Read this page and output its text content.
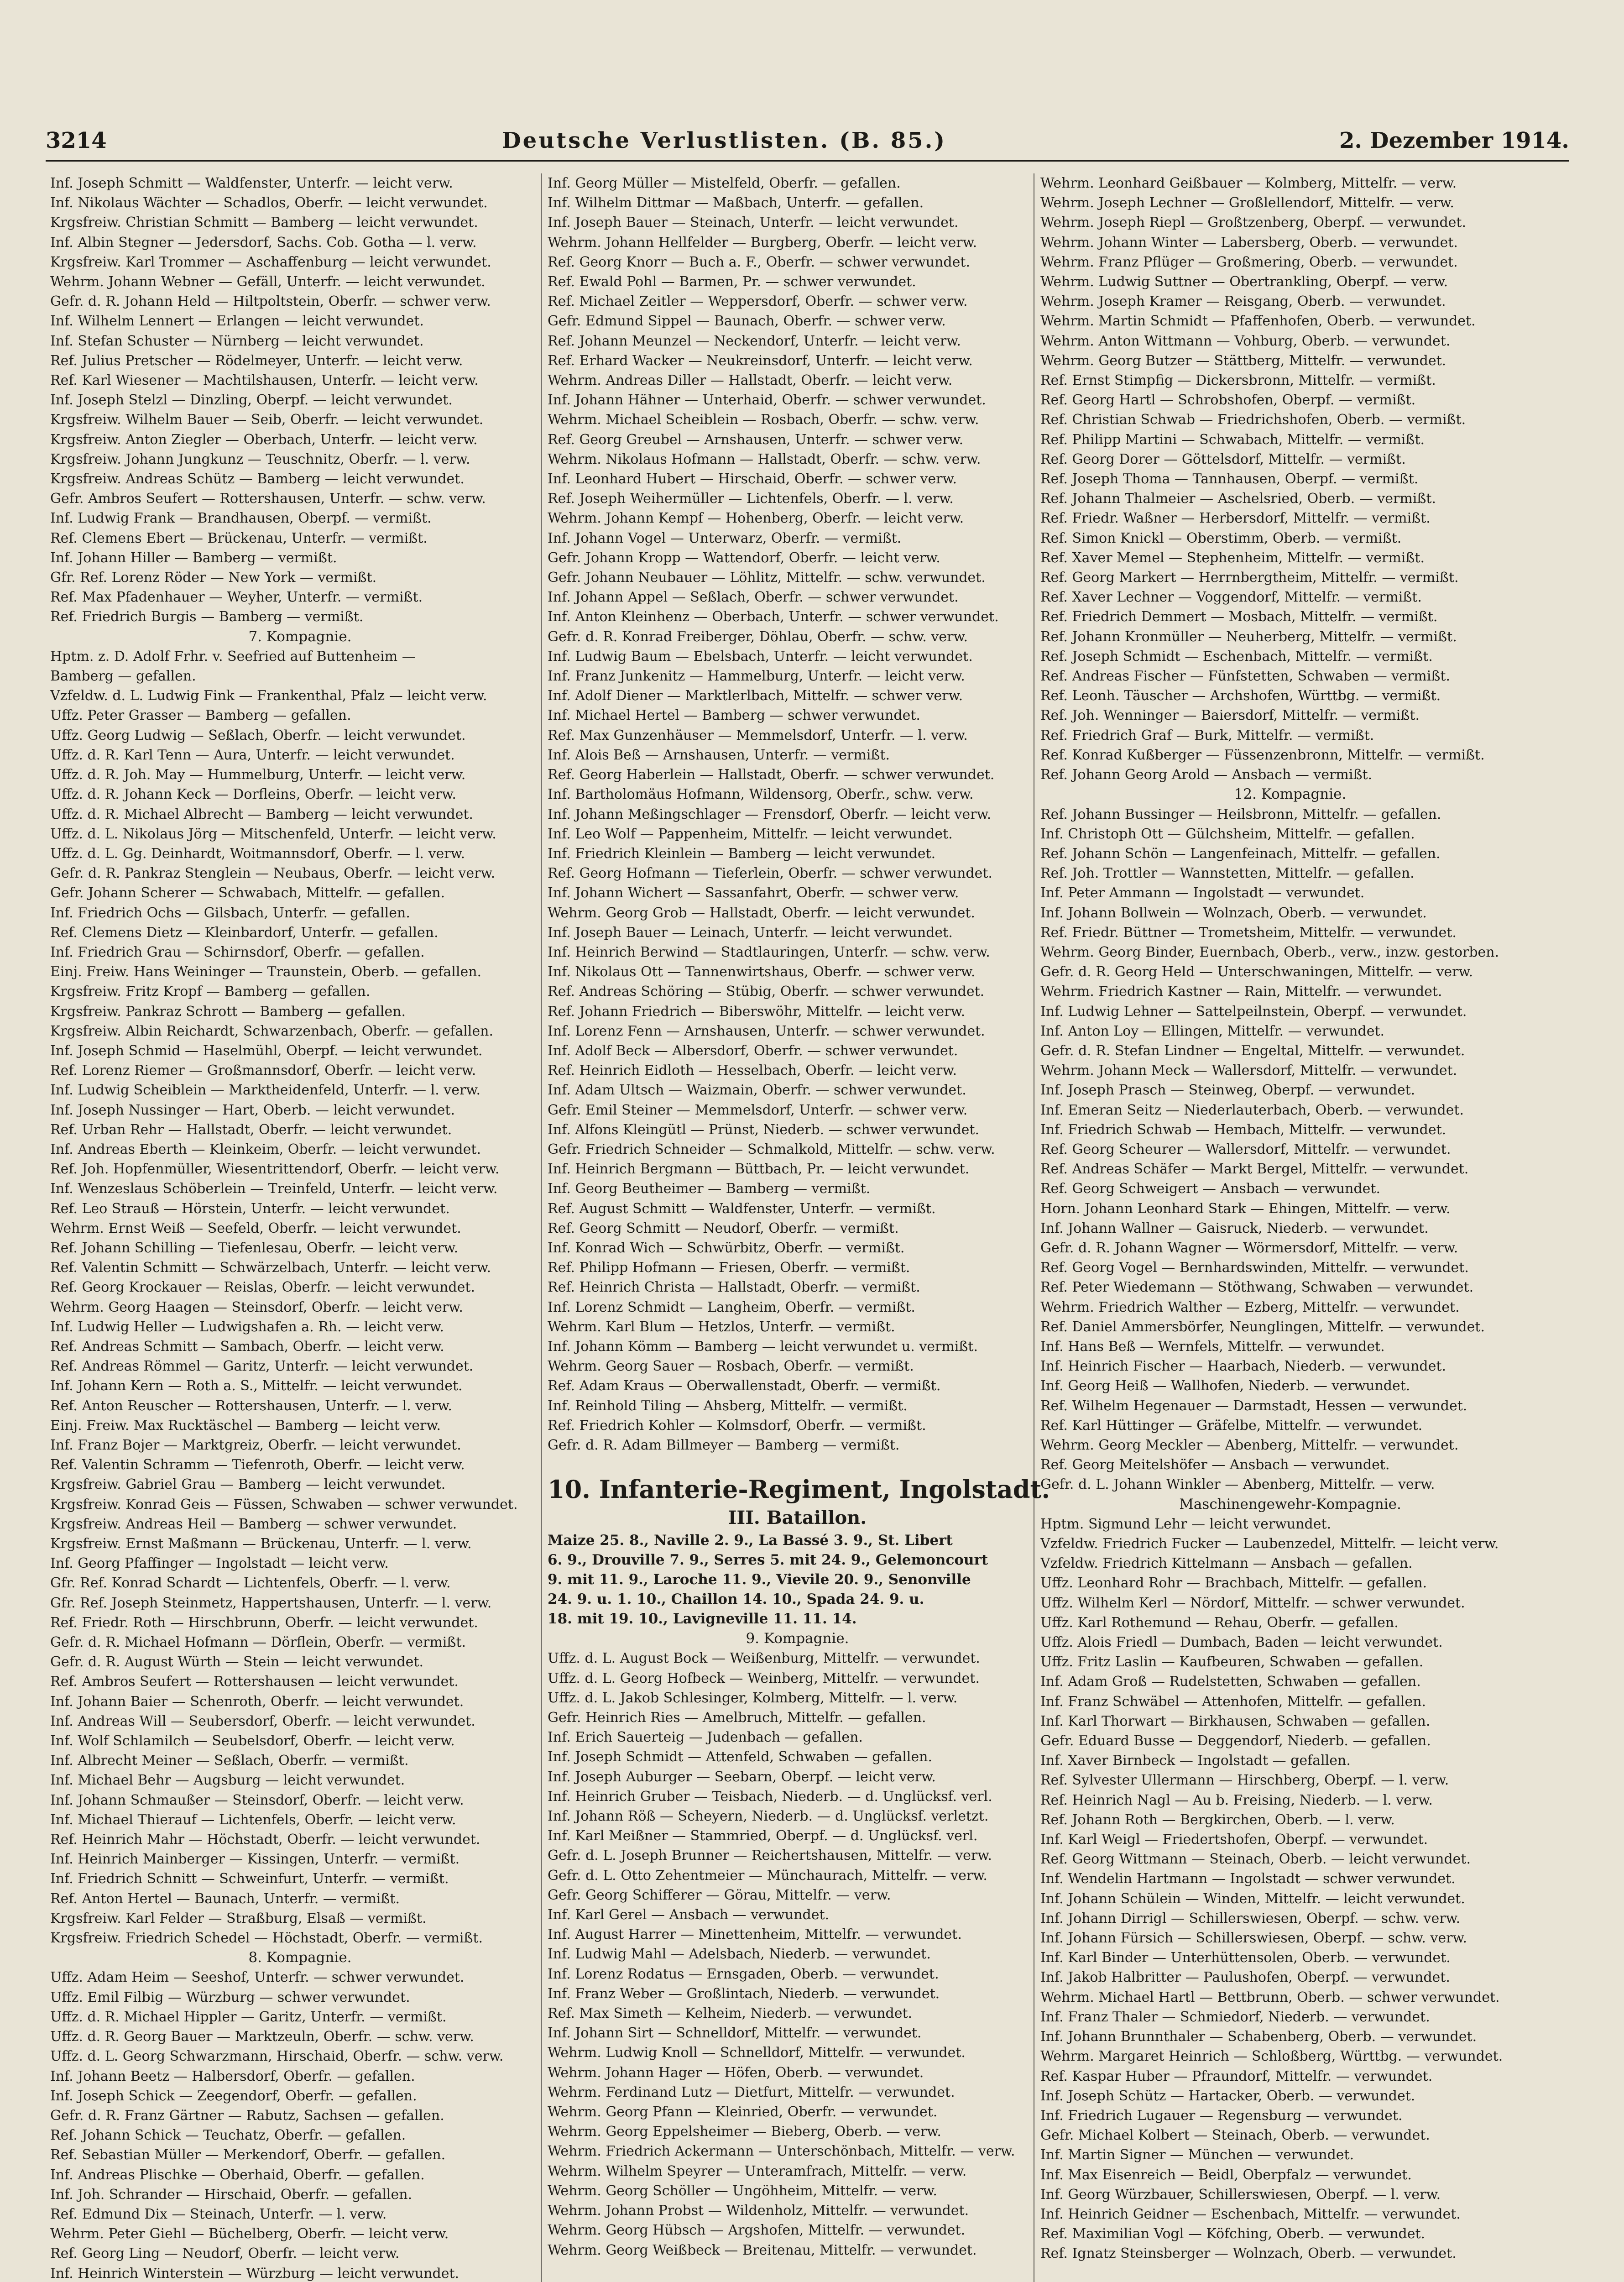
3214	Deutsche Verlustlisten. (B. 85.)	2. Dezember 1914.
Inf. Joseph Schmitt — Waldfenster, Unterfr. — leicht verw.
Inf. Nikolaus Wächter — Schadlos, Oberfr. — leicht verwundet.
Krgsfreiw. Christian Schmitt — Bamberg — leicht verwundet.
Inf. Albin Stegner — Jedersdorf, Sachs. Cob. Gotha — l. verw.
Krgsfreiw. Karl Trommer — Aschaffenburg — leicht verwundet.
Wehrm. Johann Webner — Gefäll, Unterfr. — leicht verwundet.
Gefr. d. R. Johann Held — Hiltpoltstein, Oberfr. — schwer verw.
Inf. Wilhelm Lennert — Erlangen — leicht verwundet.
Inf. Stefan Schuster — Nürnberg — leicht verwundet.
Ref. Julius Pretscher — Rödelmeyer, Unterfr. — leicht verw.
Ref. Karl Wiesener — Machtilshausen, Unterfr. — leicht verw.
Inf. Joseph Stelzl — Dinzling, Oberpf. — leicht verwundet.
Krgsfreiw. Wilhelm Bauer — Seib, Oberfr. — leicht verwundet.
Krgsfreiw. Anton Ziegler — Oberbach, Unterfr. — leicht verw.
Krgsfreiw. Johann Jungkunz — Teuschnitz, Oberfr. — l. verw.
Krgsfreiw. Andreas Schütz — Bamberg — leicht verwundet.
Gefr. Ambros Seufert — Rottershausen, Unterfr. — schw. verw.
Inf. Ludwig Frank — Brandhausen, Oberpf. — vermißt.
Ref. Clemens Ebert — Brückenau, Unterfr. — vermißt.
Inf. Johann Hiller — Bamberg — vermißt.
Gfr. Ref. Lorenz Röder — New York — vermißt.
Ref. Max Pfadenhauer — Weyher, Unterfr. — vermißt.
Ref. Friedrich Burgis — Bamberg — vermißt.
7. Kompagnie.
Hptm. z. D. Adolf Frhr. v. Seefried auf Buttenheim —
Bamberg — gefallen.
Vzfeldw. d. L. Ludwig Fink — Frankenthal, Pfalz — leicht verw.
Uffz. Peter Grasser — Bamberg — gefallen.
Uffz. Georg Ludwig — Seßlach, Oberfr. — leicht verwundet.
Uffz. d. R. Karl Tenn — Aura, Unterfr. — leicht verwundet.
Uffz. d. R. Joh. May — Hummelburg, Unterfr. — leicht verw.
Uffz. d. R. Johann Keck — Dorfleins, Oberfr. — leicht verw.
Uffz. d. R. Michael Albrecht — Bamberg — leicht verwundet.
Uffz. d. L. Nikolaus Jörg — Mitschenfeld, Unterfr. — leicht verw.
Uffz. d. L. Gg. Deinhardt, Woitmannsdorf, Oberfr. — l. verw.
Gefr. d. R. Pankraz Stenglein — Neubaus, Oberfr. — leicht verw.
Gefr. Johann Scherer — Schwabach, Mittelfr. — gefallen.
Inf. Friedrich Ochs — Gilsbach, Unterfr. — gefallen.
Ref. Clemens Dietz — Kleinbardorf, Unterfr. — gefallen.
Inf. Friedrich Grau — Schirnsdorf, Oberfr. — gefallen.
Einj. Freiw. Hans Weininger — Traunstein, Oberb. — gefallen.
Krgsfreiw. Fritz Kropf — Bamberg — gefallen.
Krgsfreiw. Pankraz Schrott — Bamberg — gefallen.
Krgsfreiw. Albin Reichardt, Schwarzenbach, Oberfr. — gefallen.
Inf. Joseph Schmid — Haselmühl, Oberpf. — leicht verwundet.
Ref. Lorenz Riemer — Großmannsdorf, Oberfr. — leicht verw.
Inf. Ludwig Scheiblein — Marktheidenfeld, Unterfr. — l. verw.
Inf. Joseph Nussinger — Hart, Oberb. — leicht verwundet.
Ref. Urban Rehr — Hallstadt, Oberfr. — leicht verwundet.
Inf. Andreas Eberth — Kleinkeim, Oberfr. — leicht verwundet.
Ref. Joh. Hopfenmüller, Wiesentrittendorf, Oberfr. — leicht verw.
Inf. Wenzeslaus Schöberlein — Treinfeld, Unterfr. — leicht verw.
Ref. Leo Strauß — Hörstein, Unterfr. — leicht verwundet.
Wehrm. Ernst Weiß — Seefeld, Oberfr. — leicht verwundet.
Ref. Johann Schilling — Tiefenlesau, Oberfr. — leicht verw.
Ref. Valentin Schmitt — Schwärzelbach, Unterfr. — leicht verw.
Ref. Georg Krockauer — Reislas, Oberfr. — leicht verwundet.
Wehrm. Georg Haagen — Steinsdorf, Oberfr. — leicht verw.
Inf. Ludwig Heller — Ludwigshafen a. Rh. — leicht verw.
Ref. Andreas Schmitt — Sambach, Oberfr. — leicht verw.
Ref. Andreas Römmel — Garitz, Unterfr. — leicht verwundet.
Inf. Johann Kern — Roth a. S., Mittelfr. — leicht verwundet.
Ref. Anton Reuscher — Rottershausen, Unterfr. — l. verw.
Einj. Freiw. Max Rucktäschel — Bamberg — leicht verw.
Inf. Franz Bojer — Marktgreiz, Oberfr. — leicht verwundet.
Ref. Valentin Schramm — Tiefenroth, Oberfr. — leicht verw.
Krgsfreiw. Gabriel Grau — Bamberg — leicht verwundet.
Krgsfreiw. Konrad Geis — Füssen, Schwaben — schwer verwundet.
Krgsfreiw. Andreas Heil — Bamberg — schwer verwundet.
Krgsfreiw. Ernst Maßmann — Brückenau, Unterfr. — l. verw.
Inf. Georg Pfaffinger — Ingolstadt — leicht verw.
Gfr. Ref. Konrad Schardt — Lichtenfels, Oberfr. — l. verw.
Gfr. Ref. Joseph Steinmetz, Happertshausen, Unterfr. — l. verw.
Ref. Friedr. Roth — Hirschbrunn, Oberfr. — leicht verwundet.
Gefr. d. R. Michael Hofmann — Dörflein, Oberfr. — vermißt.
Gefr. d. R. August Würth — Stein — leicht verwundet.
Ref. Ambros Seufert — Rottershausen — leicht verwundet.
Inf. Johann Baier — Schenroth, Oberfr. — leicht verwundet.
Inf. Andreas Will — Seubersdorf, Oberfr. — leicht verwundet.
Inf. Wolf Schlamilch — Seubelsdorf, Oberfr. — leicht verw.
Inf. Albrecht Meiner — Seßlach, Oberfr. — vermißt.
Inf. Michael Behr — Augsburg — leicht verwundet.
Inf. Johann Schmaußer — Steinsdorf, Oberfr. — leicht verw.
Inf. Michael Thierauf — Lichtenfels, Oberfr. — leicht verw.
Ref. Heinrich Mahr — Höchstadt, Oberfr. — leicht verwundet.
Inf. Heinrich Mainberger — Kissingen, Unterfr. — vermißt.
Inf. Friedrich Schnitt — Schweinfurt, Unterfr. — vermißt.
Ref. Anton Hertel — Baunach, Unterfr. — vermißt.
Krgsfreiw. Karl Felder — Straßburg, Elsaß — vermißt.
Krgsfreiw. Friedrich Schedel — Höchstadt, Oberfr. — vermißt.
8. Kompagnie.
Uffz. Adam Heim — Seeshof, Unterfr. — schwer verwundet.
Uffz. Emil Filbig — Würzburg — schwer verwundet.
Uffz. d. R. Michael Hippler — Garitz, Unterfr. — vermißt.
Uffz. d. R. Georg Bauer — Marktzeuln, Oberfr. — schw. verw.
Uffz. d. L. Georg Schwarzmann, Hirschaid, Oberfr. — schw. verw.
Inf. Johann Beetz — Halbersdorf, Oberfr. — gefallen.
Inf. Joseph Schick — Zeegendorf, Oberfr. — gefallen.
Gefr. d. R. Franz Gärtner — Rabutz, Sachsen — gefallen.
Ref. Johann Schick — Teuchatz, Oberfr. — gefallen.
Ref. Sebastian Müller — Merkendorf, Oberfr. — gefallen.
Inf. Andreas Plischke — Oberhaid, Oberfr. — gefallen.
Inf. Joh. Schrander — Hirschaid, Oberfr. — gefallen.
Ref. Edmund Dix — Steinach, Unterfr. — l. verw.
Wehrm. Peter Giehl — Büchelberg, Oberfr. — leicht verw.
Ref. Georg Ling — Neudorf, Oberfr. — leicht verw.
Inf. Heinrich Winterstein — Würzburg — leicht verwundet.
Inf. Georg Müller — Mistelfeld, Oberfr. — gefallen.
Inf. Wilhelm Dittmar — Maßbach, Unterfr. — gefallen.
Inf. Joseph Bauer — Steinach, Unterfr. — leicht verwundet.
Wehrm. Johann Hellfelder — Burgberg, Oberfr. — leicht verw.
Ref. Georg Knorr — Buch a. F., Oberfr. — schwer verwundet.
Ref. Ewald Pohl — Barmen, Pr. — schwer verwundet.
Ref. Michael Zeitler — Weppersdorf, Oberfr. — schwer verw.
Gefr. Edmund Sippel — Baunach, Oberfr. — schwer verw.
Ref. Johann Meunzel — Neckendorf, Unterfr. — leicht verw.
Ref. Erhard Wacker — Neukreinsdorf, Unterfr. — leicht verw.
Wehrm. Andreas Diller — Hallstadt, Oberfr. — leicht verw.
Inf. Johann Hähner — Unterhaid, Oberfr. — schwer verwundet.
Wehrm. Michael Scheiblein — Rosbach, Oberfr. — schw. verw.
Ref. Georg Greubel — Arnshausen, Unterfr. — schwer verw.
Wehrm. Nikolaus Hofmann — Hallstadt, Oberfr. — schw. verw.
Inf. Leonhard Hubert — Hirschaid, Oberfr. — schwer verw.
Ref. Joseph Weihermüller — Lichtenfels, Oberfr. — l. verw.
Wehrm. Johann Kempf — Hohenberg, Oberfr. — leicht verw.
Inf. Johann Vogel — Unterwarz, Oberfr. — vermißt.
Gefr. Johann Kropp — Wattendorf, Oberfr. — leicht verw.
Gefr. Johann Neubauer — Löhlitz, Mittelfr. — schw. verwundet.
Inf. Johann Appel — Seßlach, Oberfr. — schwer verwundet.
Inf. Anton Kleinhenz — Oberbach, Unterfr. — schwer verwundet.
Gefr. d. R. Konrad Freiberger, Döhlau, Oberfr. — schw. verw.
Inf. Ludwig Baum — Ebelsbach, Unterfr. — leicht verwundet.
Inf. Franz Junkenitz — Hammelburg, Unterfr. — leicht verw.
Inf. Adolf Diener — Marktlerlbach, Mittelfr. — schwer verw.
Inf. Michael Hertel — Bamberg — schwer verwundet.
Ref. Max Gunzenhäuser — Memmelsdorf, Unterfr. — l. verw.
Inf. Alois Beß — Arnshausen, Unterfr. — vermißt.
Ref. Georg Haberlein — Hallstadt, Oberfr. — schwer verwundet.
Inf. Bartholomäus Hofmann, Wildensorg, Oberfr., schw. verw.
Inf. Johann Meßingschlager — Frensdorf, Oberfr. — leicht verw.
Inf. Leo Wolf — Pappenheim, Mittelfr. — leicht verwundet.
Inf. Friedrich Kleinlein — Bamberg — leicht verwundet.
Ref. Georg Hofmann — Tieferlein, Oberfr. — schwer verwundet.
Inf. Johann Wichert — Sassanfahrt, Oberfr. — schwer verw.
Wehrm. Georg Grob — Hallstadt, Oberfr. — leicht verwundet.
Inf. Joseph Bauer — Leinach, Unterfr. — leicht verwundet.
Inf. Heinrich Berwind — Stadtlauringen, Unterfr. — schw. verw.
Inf. Nikolaus Ott — Tannenwirtshaus, Oberfr. — schwer verw.
Ref. Andreas Schöring — Stübig, Oberfr. — schwer verwundet.
Ref. Johann Friedrich — Biberswöhr, Mittelfr. — leicht verw.
Inf. Lorenz Fenn — Arnshausen, Unterfr. — schwer verwundet.
Inf. Adolf Beck — Albersdorf, Oberfr. — schwer verwundet.
Ref. Heinrich Eidloth — Hesselbach, Oberfr. — leicht verw.
Inf. Adam Ultsch — Waizmain, Oberfr. — schwer verwundet.
Gefr. Emil Steiner — Memmelsdorf, Unterfr. — schwer verw.
Inf. Alfons Kleingütl — Prünst, Niederb. — schwer verwundet.
Gefr. Friedrich Schneider — Schmalkold, Mittelfr. — schw. verw.
Inf. Heinrich Bergmann — Büttbach, Pr. — leicht verwundet.
Inf. Georg Beutheimer — Bamberg — vermißt.
Ref. August Schmitt — Waldfenster, Unterfr. — vermißt.
Ref. Georg Schmitt — Neudorf, Oberfr. — vermißt.
Inf. Konrad Wich — Schwürbitz, Oberfr. — vermißt.
Ref. Philipp Hofmann — Friesen, Oberfr. — vermißt.
Ref. Heinrich Christa — Hallstadt, Oberfr. — vermißt.
Inf. Lorenz Schmidt — Langheim, Oberfr. — vermißt.
Wehrm. Karl Blum — Hetzlos, Unterfr. — vermißt.
Inf. Johann Kömm — Bamberg — leicht verwundet u. vermißt.
Wehrm. Georg Sauer — Rosbach, Oberfr. — vermißt.
Ref. Adam Kraus — Oberwallenstadt, Oberfr. — vermißt.
Inf. Reinhold Tiling — Ahsberg, Mittelfr. — vermißt.
Ref. Friedrich Kohler — Kolmsdorf, Oberfr. — vermißt.
Gefr. d. R. Adam Billmeyer — Bamberg — vermißt.
10. Infanterie-Regiment, Ingolstadt.
III. Bataillon.
Maize 25. 8., Naville 2. 9., La Bassé 3. 9., St. Libert
6. 9., Drouville 7. 9., Serres 5. mit 24. 9., Gelemoncourt
9. mit 11. 9., Laroche 11. 9., Vievile 20. 9., Senonville
24. 9. u. 1. 10., Chaillon 14. 10., Spada 24. 9. u.
18. mit 19. 10., Lavigneville 11. 11. 14.
9. Kompagnie.
Uffz. d. L. August Bock — Weißenburg, Mittelfr. — verwundet.
Uffz. d. L. Georg Hofbeck — Weinberg, Mittelfr. — verwundet.
Uffz. d. L. Jakob Schlesinger, Kolmberg, Mittelfr. — l. verw.
Gefr. Heinrich Ries — Amelbruch, Mittelfr. — gefallen.
Inf. Erich Sauerteig — Judenbach — gefallen.
Inf. Joseph Schmidt — Attenfeld, Schwaben — gefallen.
Inf. Joseph Auburger — Seebarn, Oberpf. — leicht verw.
Inf. Heinrich Gruber — Teisbach, Niederb. — d. Unglücksf. verl.
Inf. Johann Röß — Scheyern, Niederb. — d. Unglücksf. verletzt.
Inf. Karl Meißner — Stammried, Oberpf. — d. Unglücksf. verl.
Gefr. d. L. Joseph Brunner — Reichertshausen, Mittelfr. — verw.
Gefr. d. L. Otto Zehentmeier — Münchaurach, Mittelfr. — verw.
Gefr. Georg Schifferer — Görau, Mittelfr. — verw.
Inf. Karl Gerel — Ansbach — verwundet.
Inf. August Harrer — Minettenheim, Mittelfr. — verwundet.
Inf. Ludwig Mahl — Adelsbach, Niederb. — verwundet.
Inf. Lorenz Rodatus — Ernsgaden, Oberb. — verwundet.
Inf. Franz Weber — Großlintach, Niederb. — verwundet.
Ref. Max Simeth — Kelheim, Niederb. — verwundet.
Inf. Johann Sirt — Schnelldorf, Mittelfr. — verwundet.
Wehrm. Ludwig Knoll — Schnelldorf, Mittelfr. — verwundet.
Wehrm. Johann Hager — Höfen, Oberb. — verwundet.
Wehrm. Ferdinand Lutz — Dietfurt, Mittelfr. — verwundet.
Wehrm. Georg Pfann — Kleinried, Oberfr. — verwundet.
Wehrm. Georg Eppelsheimer — Bieberg, Oberb. — verw.
Wehrm. Friedrich Ackermann — Unterschönbach, Mittelfr. — verw.
Wehrm. Wilhelm Speyrer — Unteramfrach, Mittelfr. — verw.
Wehrm. Georg Schöller — Ungöhheim, Mittelfr. — verw.
Wehrm. Johann Probst — Wildenholz, Mittelfr. — verwundet.
Wehrm. Georg Hübsch — Argshofen, Mittelfr. — verwundet.
Wehrm. Georg Weißbeck — Breitenau, Mittelfr. — verwundet.
Wehrm. Leonhard Geißbauer — Kolmberg, Mittelfr. — verw.
Wehrm. Joseph Lechner — Großlellendorf, Mittelfr. — verw.
Wehrm. Joseph Riepl — Großtzenberg, Oberpf. — verwundet.
Wehrm. Johann Winter — Labersberg, Oberb. — verwundet.
Wehrm. Franz Pflüger — Großmering, Oberb. — verwundet.
Wehrm. Ludwig Suttner — Obertrankling, Oberpf. — verw.
Wehrm. Joseph Kramer — Reisgang, Oberb. — verwundet.
Wehrm. Martin Schmidt — Pfaffenhofen, Oberb. — verwundet.
Wehrm. Anton Wittmann — Vohburg, Oberb. — verwundet.
Wehrm. Georg Butzer — Stättberg, Mittelfr. — verwundet.
Ref. Ernst Stimpfig — Dickersbronn, Mittelfr. — vermißt.
Ref. Georg Hartl — Schrobshofen, Oberpf. — vermißt.
Ref. Christian Schwab — Friedrichshofen, Oberb. — vermißt.
Ref. Philipp Martini — Schwabach, Mittelfr. — vermißt.
Ref. Georg Dorer — Göttelsdorf, Mittelfr. — vermißt.
Ref. Joseph Thoma — Tannhausen, Oberpf. — vermißt.
Ref. Johann Thalmeier — Aschelsried, Oberb. — vermißt.
Ref. Friedr. Waßner — Herbersdorf, Mittelfr. — vermißt.
Ref. Simon Knickl — Oberstimm, Oberb. — vermißt.
Ref. Xaver Memel — Stephenheim, Mittelfr. — vermißt.
Ref. Georg Markert — Herrnbergtheim, Mittelfr. — vermißt.
Ref. Xaver Lechner — Voggendorf, Mittelfr. — vermißt.
Ref. Friedrich Demmert — Mosbach, Mittelfr. — vermißt.
Ref. Johann Kronmüller — Neuherberg, Mittelfr. — vermißt.
Ref. Joseph Schmidt — Eschenbach, Mittelfr. — vermißt.
Ref. Andreas Fischer — Fünfstetten, Schwaben — vermißt.
Ref. Leonh. Täuscher — Archshofen, Württbg. — vermißt.
Ref. Joh. Wenninger — Baiersdorf, Mittelfr. — vermißt.
Ref. Friedrich Graf — Burk, Mittelfr. — vermißt.
Ref. Konrad Kußberger — Füssenzenbronn, Mittelfr. — vermißt.
Ref. Johann Georg Arold — Ansbach — vermißt.
12. Kompagnie.
Ref. Johann Bussinger — Heilsbronn, Mittelfr. — gefallen.
Inf. Christoph Ott — Gülchsheim, Mittelfr. — gefallen.
Ref. Johann Schön — Langenfeinach, Mittelfr. — gefallen.
Ref. Joh. Trottler — Wannstetten, Mittelfr. — gefallen.
Inf. Peter Ammann — Ingolstadt — verwundet.
Inf. Johann Bollwein — Wolnzach, Oberb. — verwundet.
Ref. Friedr. Büttner — Trometsheim, Mittelfr. — verwundet.
Wehrm. Georg Binder, Euernbach, Oberb., verw., inzw. gestorben.
Gefr. d. R. Georg Held — Unterschwaningen, Mittelfr. — verw.
Wehrm. Friedrich Kastner — Rain, Mittelfr. — verwundet.
Inf. Ludwig Lehner — Sattelpeilnstein, Oberpf. — verwundet.
Inf. Anton Loy — Ellingen, Mittelfr. — verwundet.
Gefr. d. R. Stefan Lindner — Engeltal, Mittelfr. — verwundet.
Wehrm. Johann Meck — Wallersdorf, Mittelfr. — verwundet.
Inf. Joseph Prasch — Steinweg, Oberpf. — verwundet.
Inf. Emeran Seitz — Niederlauterbach, Oberb. — verwundet.
Inf. Friedrich Schwab — Hembach, Mittelfr. — verwundet.
Ref. Georg Scheurer — Wallersdorf, Mittelfr. — verwundet.
Ref. Andreas Schäfer — Markt Bergel, Mittelfr. — verwundet.
Ref. Georg Schweigert — Ansbach — verwundet.
Horn. Johann Leonhard Stark — Ehingen, Mittelfr. — verw.
Inf. Johann Wallner — Gaisruck, Niederb. — verwundet.
Gefr. d. R. Johann Wagner — Wörmersdorf, Mittelfr. — verw.
Ref. Georg Vogel — Bernhardswinden, Mittelfr. — verwundet.
Ref. Peter Wiedemann — Stöthwang, Schwaben — verwundet.
Wehrm. Friedrich Walther — Ezberg, Mittelfr. — verwundet.
Ref. Daniel Ammersbörfer, Neunglingen, Mittelfr. — verwundet.
Inf. Hans Beß — Wernfels, Mittelfr. — verwundet.
Inf. Heinrich Fischer — Haarbach, Niederb. — verwundet.
Inf. Georg Heiß — Wallhofen, Niederb. — verwundet.
Ref. Wilhelm Hegenauer — Darmstadt, Hessen — verwundet.
Ref. Karl Hüttinger — Gräfelbe, Mittelfr. — verwundet.
Wehrm. Georg Meckler — Abenberg, Mittelfr. — verwundet.
Ref. Georg Meitelshöfer — Ansbach — verwundet.
Gefr. d. L. Johann Winkler — Abenberg, Mittelfr. — verw.
Maschinengewehr-Kompagnie.
Hptm. Sigmund Lehr — leicht verwundet.
Vzfeldw. Friedrich Fucker — Laubenzedel, Mittelfr. — leicht verw.
Vzfeldw. Friedrich Kittelmann — Ansbach — gefallen.
Uffz. Leonhard Rohr — Brachbach, Mittelfr. — gefallen.
Uffz. Wilhelm Kerl — Nördorf, Mittelfr. — schwer verwundet.
Uffz. Karl Rothemund — Rehau, Oberfr. — gefallen.
Uffz. Alois Friedl — Dumbach, Baden — leicht verwundet.
Uffz. Fritz Laslin — Kaufbeuren, Schwaben — gefallen.
Inf. Adam Groß — Rudelstetten, Schwaben — gefallen.
Inf. Franz Schwäbel — Attenhofen, Mittelfr. — gefallen.
Inf. Karl Thorwart — Birkhausen, Schwaben — gefallen.
Gefr. Eduard Busse — Deggendorf, Niederb. — gefallen.
Inf. Xaver Birnbeck — Ingolstadt — gefallen.
Ref. Sylvester Ullermann — Hirschberg, Oberpf. — l. verw.
Ref. Heinrich Nagl — Au b. Freising, Niederb. — l. verw.
Ref. Johann Roth — Bergkirchen, Oberb. — l. verw.
Inf. Karl Weigl — Friedertshofen, Oberpf. — verwundet.
Ref. Georg Wittmann — Steinach, Oberb. — leicht verwundet.
Inf. Wendelin Hartmann — Ingolstadt — schwer verwundet.
Inf. Johann Schülein — Winden, Mittelfr. — leicht verwundet.
Inf. Johann Dirrigl — Schillerswiesen, Oberpf. — schw. verw.
Inf. Johann Fürsich — Schillerswiesen, Oberpf. — schw. verw.
Inf. Karl Binder — Unterhüttensolen, Oberb. — verwundet.
Inf. Jakob Halbritter — Paulushofen, Oberpf. — verwundet.
Wehrm. Michael Hartl — Bettbrunn, Oberb. — schwer verwundet.
Inf. Franz Thaler — Schmiedorf, Niederb. — verwundet.
Inf. Johann Brunnthaler — Schabenberg, Oberb. — verwundet.
Wehrm. Margaret Heinrich — Schloßberg, Württbg. — verwundet.
Ref. Kaspar Huber — Pfraundorf, Mittelfr. — verwundet.
Inf. Joseph Schütz — Hartacker, Oberb. — verwundet.
Inf. Friedrich Lugauer — Regensburg — verwundet.
Gefr. Michael Kolbert — Steinach, Oberb. — verwundet.
Inf. Martin Signer — München — verwundet.
Inf. Max Eisenreich — Beidl, Oberpfalz — verwundet.
Inf. Georg Würzbauer, Schillerswiesen, Oberpf. — l. verw.
Inf. Heinrich Geidner — Eschenbach, Mittelfr. — verwundet.
Ref. Maximilian Vogl — Köfching, Oberb. — verwundet.
Ref. Ignatz Steinsberger — Wolnzach, Oberb. — verwundet.
